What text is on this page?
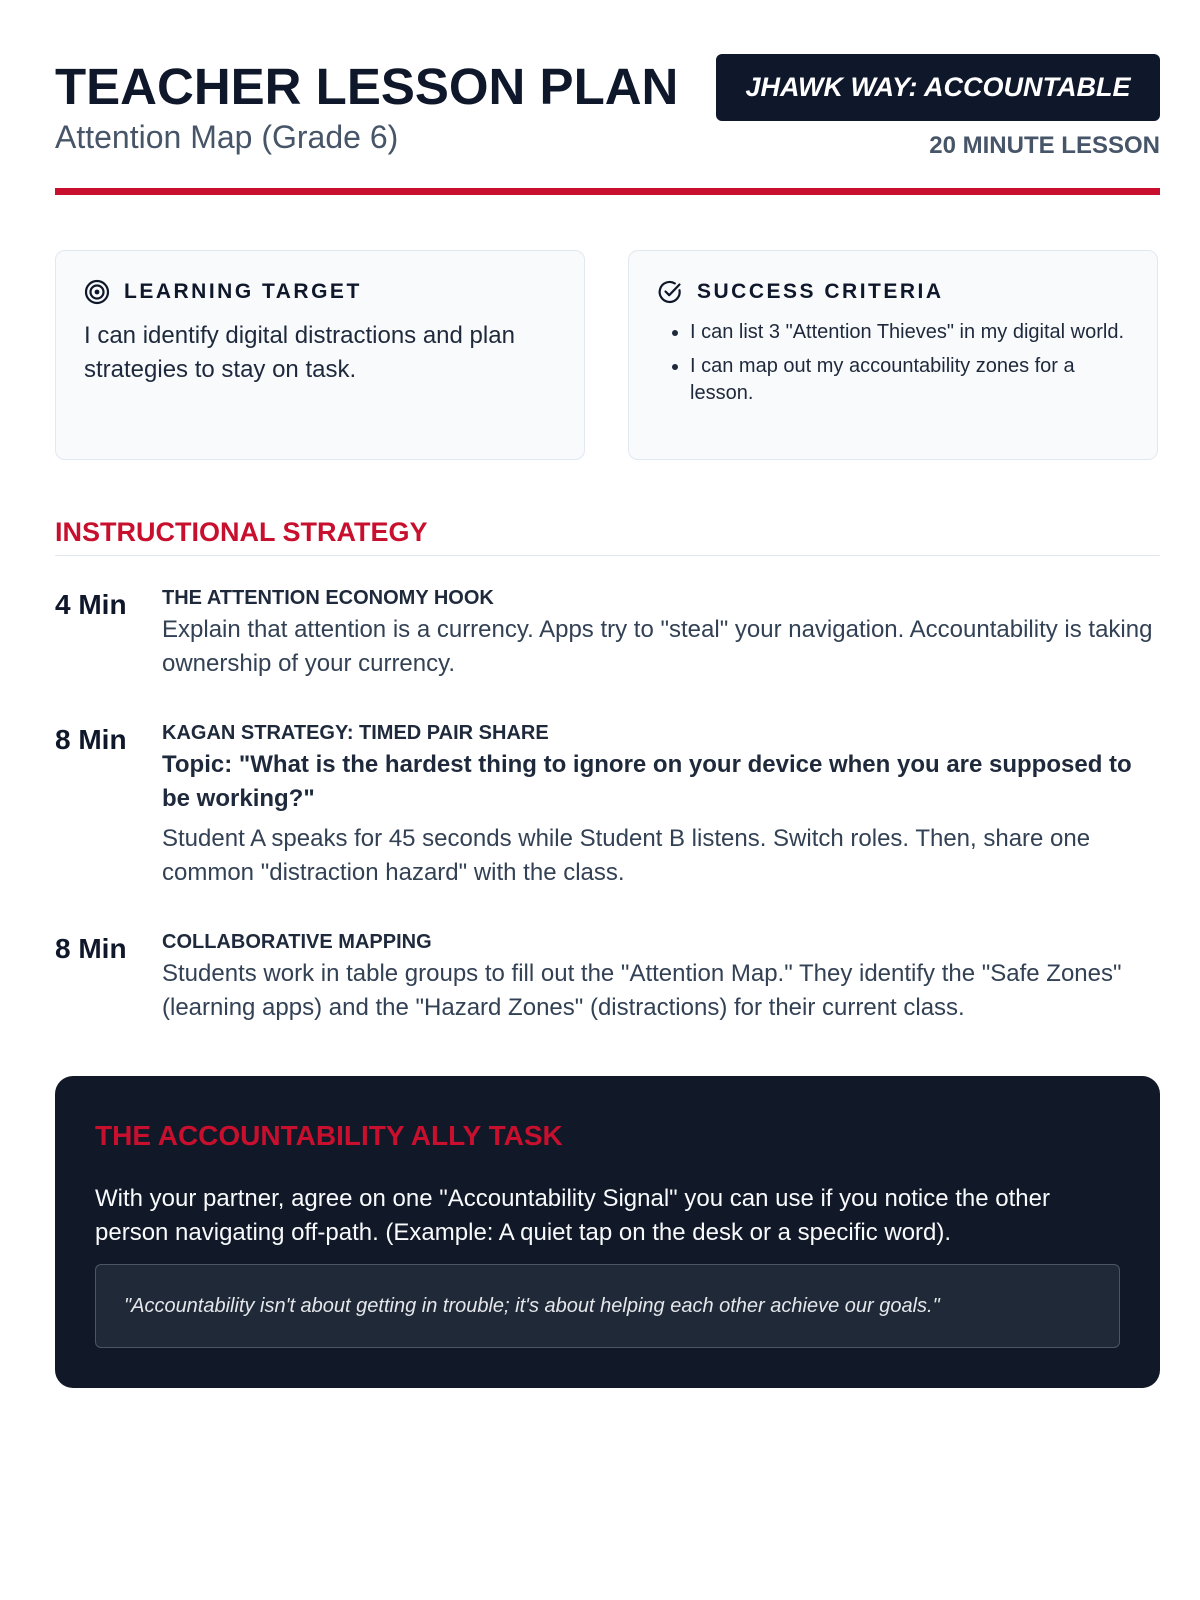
TEACHER LESSON PLAN
Attention Map (Grade 6)
JHAWK WAY: ACCOUNTABLE
20 MINUTE LESSON
LEARNING TARGET
I can identify digital distractions and plan strategies to stay on task.
SUCCESS CRITERIA
• I can list 3 "Attention Thieves" in my digital world.
• I can map out my accountability zones for a lesson.
INSTRUCTIONAL STRATEGY
4 Min THE ATTENTION ECONOMY HOOK
Explain that attention is a currency. Apps try to "steal" your navigation. Accountability is taking ownership of your currency.
8 Min KAGAN STRATEGY: TIMED PAIR SHARE
Topic: "What is the hardest thing to ignore on your device when you are supposed to be working?"
Student A speaks for 45 seconds while Student B listens. Switch roles. Then, share one common "distraction hazard" with the class.
8 Min COLLABORATIVE MAPPING
Students work in table groups to fill out the "Attention Map." They identify the "Safe Zones" (learning apps) and the "Hazard Zones" (distractions) for their current class.
THE ACCOUNTABILITY ALLY TASK
With your partner, agree on one "Accountability Signal" you can use if you notice the other person navigating off-path. (Example: A quiet tap on the desk or a specific word).
"Accountability isn't about getting in trouble; it's about helping each other achieve our goals."
